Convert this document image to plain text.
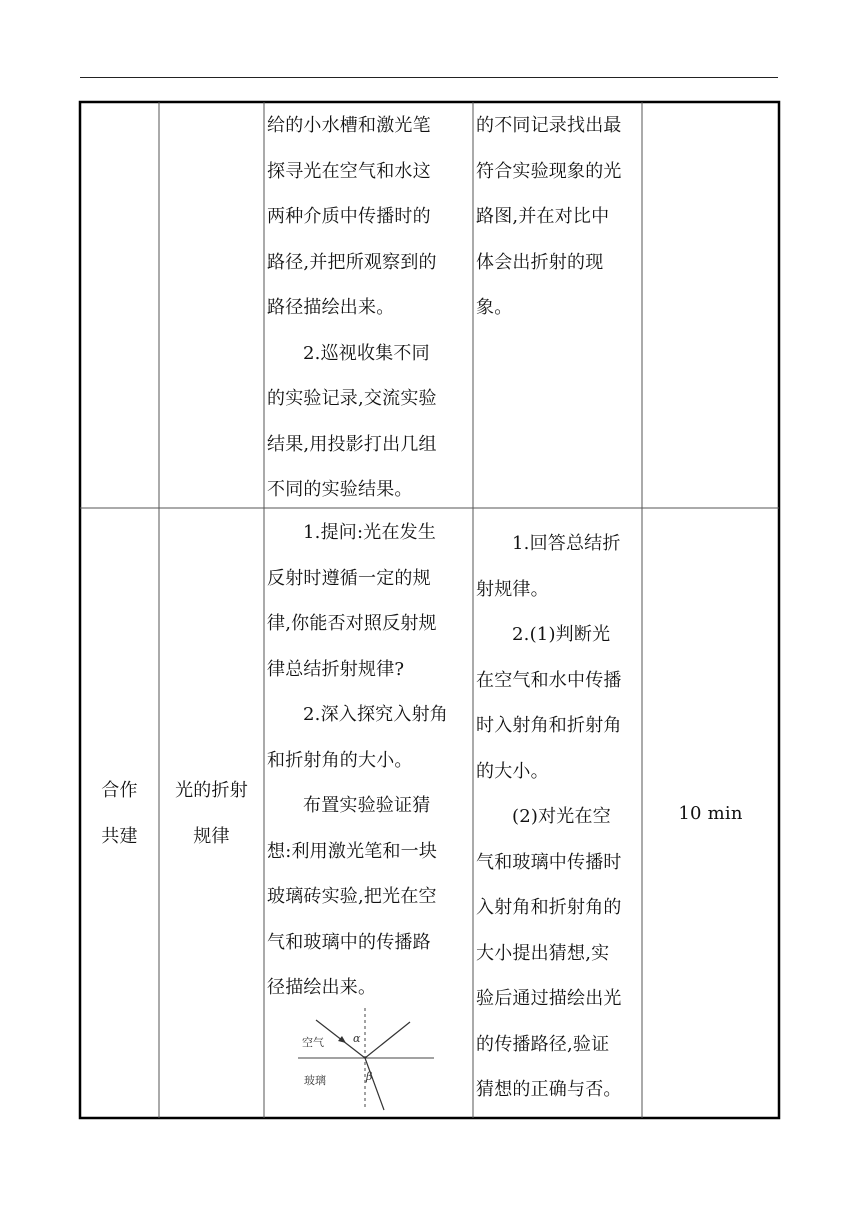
给的小水槽和激光笔
探寻光在空气和水这
两种介质中传播时的
路径,并把所观察到的
路径描绘出来。
2.巡视收集不同
的实验记录,交流实验
结果,用投影打出几组
不同的实验结果。
的不同记录找出最
符合实验现象的光
路图,并在对比中
体会出折射的现
象。
合作
共建
光的折射
规律
1.提问:光在发生
反射时遵循一定的规
律,你能否对照反射规
律总结折射规律?
2.深入探究入射角
和折射角的大小。
布置实验验证猜
想:利用激光笔和一块
玻璃砖实验,把光在空
气和玻璃中的传播路
径描绘出来。
空气
玻璃
α
β
1.回答总结折
射规律。
2.(1)判断光
在空气和水中传播
时入射角和折射角
的大小。
(2)对光在空
气和玻璃中传播时
入射角和折射角的
大小提出猜想,实
验后通过描绘出光
的传播路径,验证
猜想的正确与否。
10 min
